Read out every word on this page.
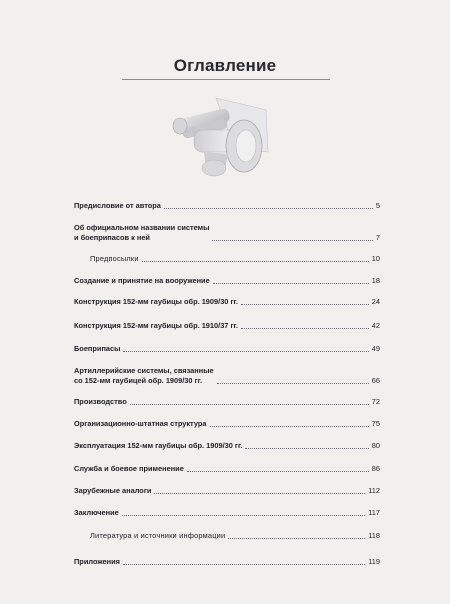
Оглавление
Предисловие от автора	5
Об официальном названии системы
и боеприпасов к ней	7
Предпосылки	10
Создание и принятие на вооружение	18
Конструкция 152-мм гаубицы обр. 1909/30 гг.	24
Конструкция 152-мм гаубицы обр. 1910/37 гг.	42
Боеприпасы	49
Артиллерийские системы, связанные
со 152-мм гаубицей обр. 1909/30 гг.	66
Производство	72
Организационно-штатная структура	75
Эксплуатация 152-мм гаубицы обр. 1909/30 гг.	80
Служба и боевое применение	86
Зарубежные аналоги	112
Заключение	117
Литература и источники информации	118
Приложения	119
